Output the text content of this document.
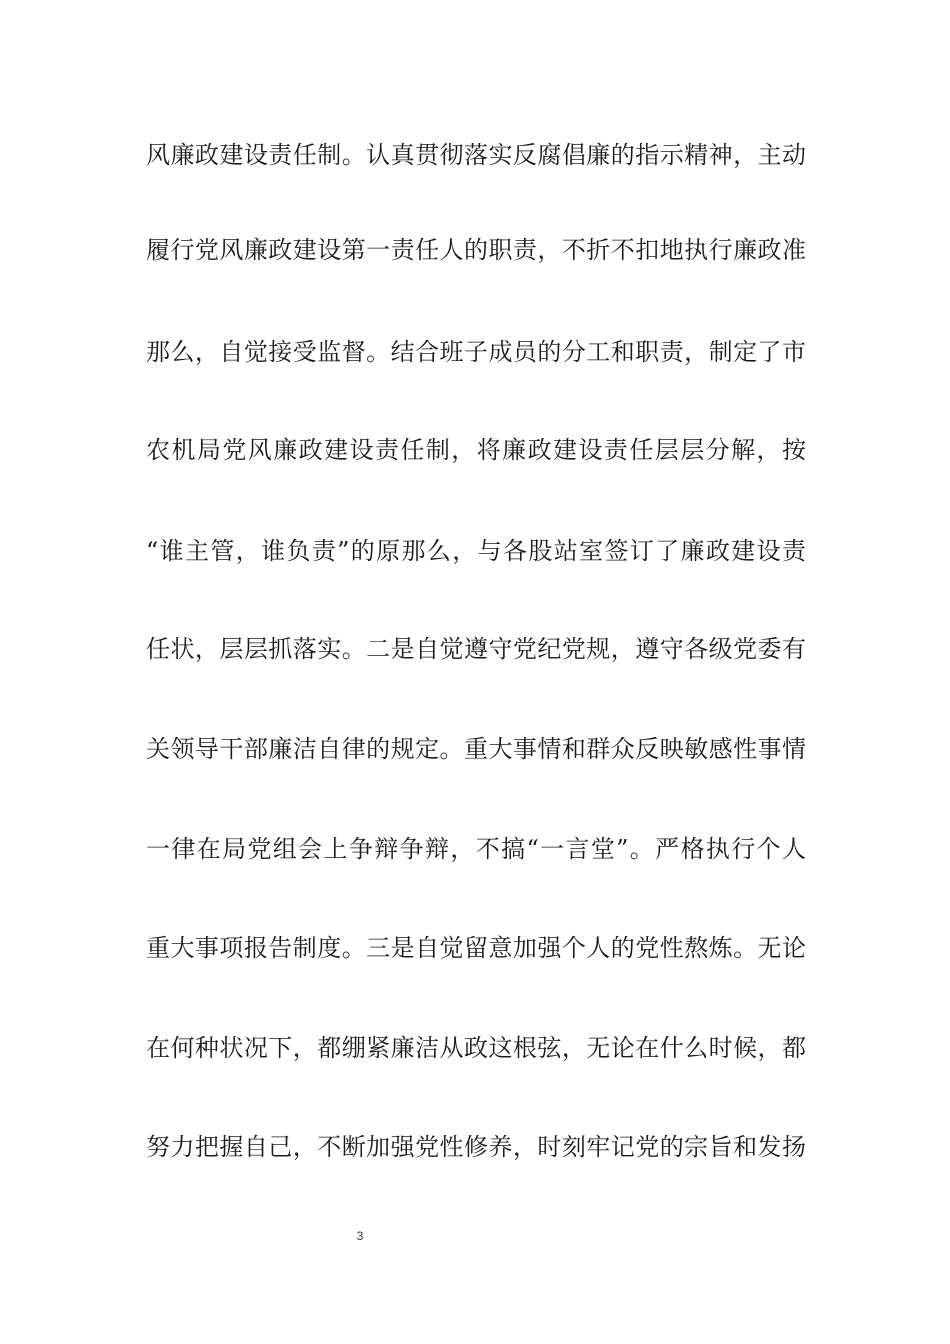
风廉政建设责任制。认真贯彻落实反腐倡廉的指示精神，主动
履行党风廉政建设第一责任人的职责，不折不扣地执行廉政准
那么，自觉接受监督。结合班子成员的分工和职责，制定了市
农机局党风廉政建设责任制，将廉政建设责任层层分解，按
“谁主管，谁负责”的原那么，与各股站室签订了廉政建设责
任状，层层抓落实。二是自觉遵守党纪党规，遵守各级党委有
关领导干部廉洁自律的规定。重大事情和群众反映敏感性事情
一律在局党组会上争辩争辩，不搞“一言堂”。严格执行个人
重大事项报告制度。三是自觉留意加强个人的党性熬炼。无论
在何种状况下，都绷紧廉洁从政这根弦，无论在什么时候，都
努力把握自己，不断加强党性修养，时刻牢记党的宗旨和发扬
3
